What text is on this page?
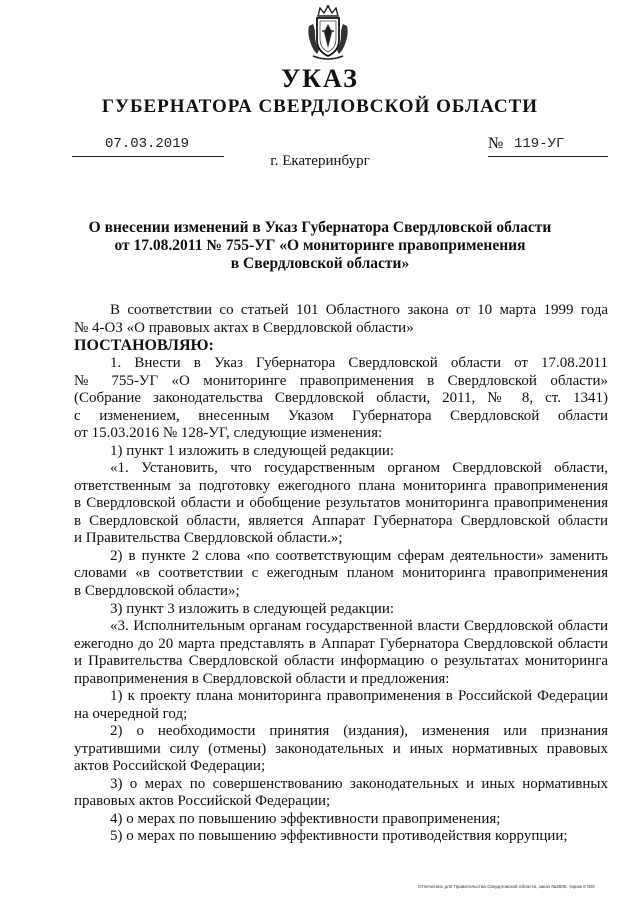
УКАЗ
ГУБЕРНАТОРА СВЕРДЛОВСКОЙ ОБЛАСТИ
07.03.2019	№ 119-УГ
г. Екатеринбург
О внесении изменений в Указ Губернатора Свердловской области
от 17.08.2011 № 755-УГ «О мониторинге правоприменения
в Свердловской области»
В соответствии со статьей 101 Областного закона от 10 марта 1999 года
№ 4-ОЗ «О правовых актах в Свердловской области»
ПОСТАНОВЛЯЮ:
1. Внести в Указ Губернатора Свердловской области от 17.08.2011
№ 755-УГ «О мониторинге правоприменения в Свердловской области»
(Собрание законодательства Свердловской области, 2011, № 8, ст. 1341)
с изменением, внесенным Указом Губернатора Свердловской области
от 15.03.2016 № 128-УГ, следующие изменения:
1) пункт 1 изложить в следующей редакции:
«1. Установить, что государственным органом Свердловской области,
ответственным за подготовку ежегодного плана мониторинга правоприменения
в Свердловской области и обобщение результатов мониторинга правоприменения
в Свердловской области, является Аппарат Губернатора Свердловской области
и Правительства Свердловской области.»;
2) в пункте 2 слова «по соответствующим сферам деятельности» заменить
словами «в соответствии с ежегодным планом мониторинга правоприменения
в Свердловской области»;
3) пункт 3 изложить в следующей редакции:
«3. Исполнительным органам государственной власти Свердловской области
ежегодно до 20 марта представлять в Аппарат Губернатора Свердловской области
и Правительства Свердловской области информацию о результатах мониторинга
правоприменения в Свердловской области и предложения:
1) к проекту плана мониторинга правоприменения в Российской Федерации
на очередной год;
2) о необходимости принятия (издания), изменения или признания
утратившими силу (отмены) законодательных и иных нормативных правовых
актов Российской Федерации;
3) о мерах по совершенствованию законодательных и иных нормативных
правовых актов Российской Федерации;
4) о мерах по повышению эффективности правоприменения;
5) о мерах по повышению эффективности противодействия коррупции;
Отпечатано для Правительства Свердловской области, заказ №2005, тираж 8 000
